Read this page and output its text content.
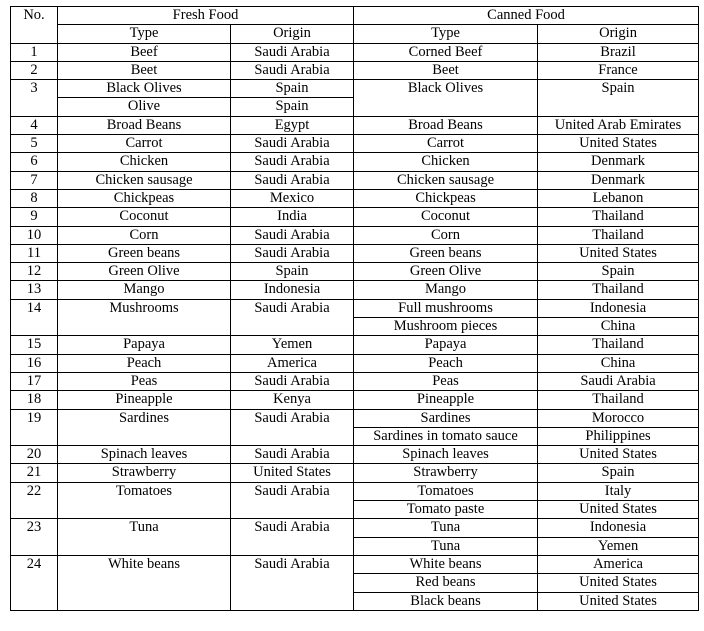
No.	Fresh Food		Canned Food	
	Type	Origin	Type	Origin
1	Beef	Saudi Arabia	Corned Beef	Brazil
2	Beet	Saudi Arabia	Beet	France
3	Black Olives	Spain	Black Olives	Spain
	Olive	Spain		
4	Broad Beans	Egypt	Broad Beans	United Arab Emirates
5	Carrot	Saudi Arabia	Carrot	United States
6	Chicken	Saudi Arabia	Chicken	Denmark
7	Chicken sausage	Saudi Arabia	Chicken sausage	Denmark
8	Chickpeas	Mexico	Chickpeas	Lebanon
9	Coconut	India	Coconut	Thailand
10	Corn	Saudi Arabia	Corn	Thailand
11	Green beans	Saudi Arabia	Green beans	United States
12	Green Olive	Spain	Green Olive	Spain
13	Mango	Indonesia	Mango	Thailand
14	Mushrooms	Saudi Arabia	Full mushrooms	Indonesia
			Mushroom pieces	China
15	Papaya	Yemen	Papaya	Thailand
16	Peach	America	Peach	China
17	Peas	Saudi Arabia	Peas	Saudi Arabia
18	Pineapple	Kenya	Pineapple	Thailand
19	Sardines	Saudi Arabia	Sardines	Morocco
			Sardines in tomato sauce	Philippines
20	Spinach leaves	Saudi Arabia	Spinach leaves	United States
21	Strawberry	United States	Strawberry	Spain
22	Tomatoes	Saudi Arabia	Tomatoes	Italy
			Tomato paste	United States
23	Tuna	Saudi Arabia	Tuna	Indonesia
			Tuna	Yemen
24	White beans	Saudi Arabia	White beans	America
			Red beans	United States
			Black beans	United States
